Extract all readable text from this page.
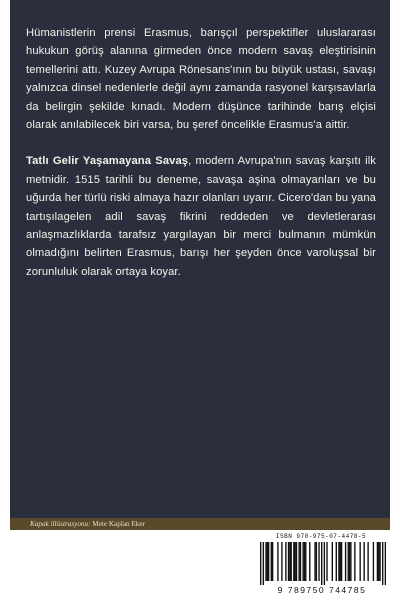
Hümanistlerin prensi Erasmus, barışçıl perspektifler uluslararası hukukun görüş alanına girmeden önce modern savaş eleştirisinin temellerini attı. Kuzey Avrupa Rönesans'ının bu büyük ustası, savaşı yalnızca dinsel nedenlerle değil aynı zamanda rasyonel karşısavlarla da belirgin şekilde kınadı. Modern düşünce tarihinde barış elçisi olarak anılabilecek biri varsa, bu şeref öncelikle Erasmus'a aittir.

Tatlı Gelir Yaşamayana Savaş, modern Avrupa'nın savaş karşıtı ilk metnidir. 1515 tarihli bu deneme, savaşa aşina olmayanları ve bu uğurda her türlü riski almaya hazır olanları uyarır. Cicero'dan bu yana tartışılagelen adil savaş fikrini reddeden ve devletlerarası anlaşmazlıklarda tarafsız yargılayan bir merci bulmanın mümkün olmadığını belirten Erasmus, barışı her şeyden önce varoluşsal bir zorunluluk olarak ortaya koyar.

Kapak illüstrasyonu: Mete Kaplan Eker
ISBN 978-975-07-4478-5
9 789750 744785
